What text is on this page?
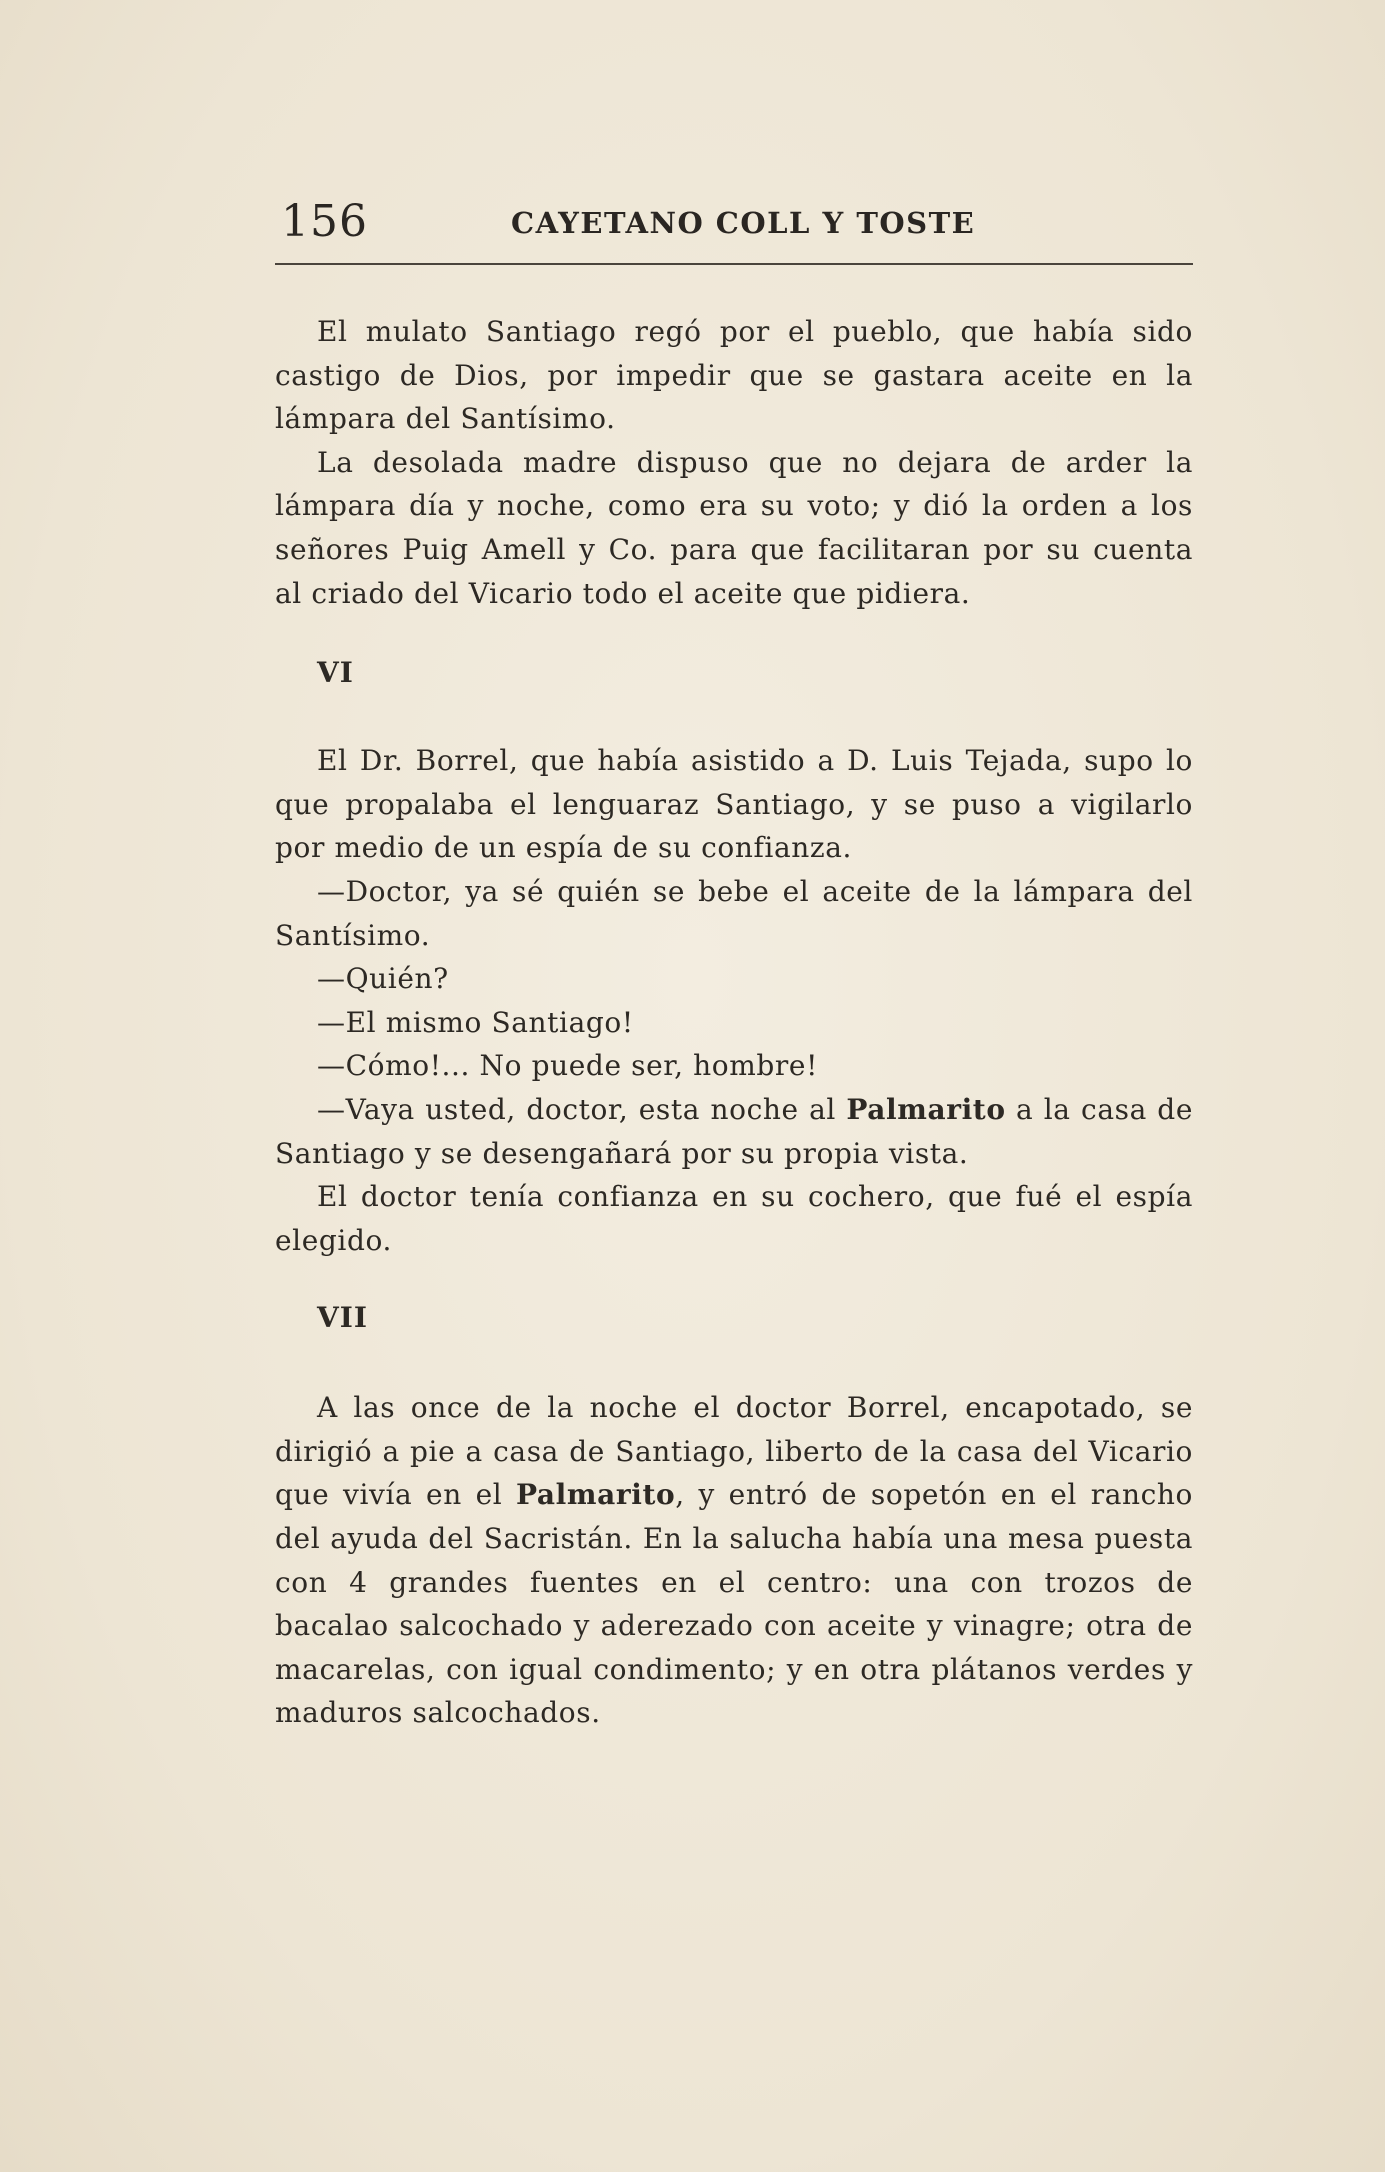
156	CAYETANO COLL Y TOSTE

El mulato Santiago regó por el pueblo, que había sido castigo de Dios, por impedir que se gastara aceite en la lámpara del Santísimo.

La desolada madre dispuso que no dejara de arder la lámpara día y noche, como era su voto; y dió la orden a los señores Puig Amell y Co. para que facilitaran por su cuenta al criado del Vicario todo el aceite que pidiera.

VI

El Dr. Borrel, que había asistido a D. Luis Tejada, supo lo que propalaba el lenguaraz Santiago, y se puso a vigilarlo por medio de un espía de su confianza.

—Doctor, ya sé quién se bebe el aceite de la lámpara del Santísimo.

—Quién?

—El mismo Santiago!

—Cómo!... No puede ser, hombre!

—Vaya usted, doctor, esta noche al Palmarito a la casa de Santiago y se desengañará por su propia vista.

El doctor tenía confianza en su cochero, que fué el espía elegido.

VII

A las once de la noche el doctor Borrel, encapotado, se dirigió a pie a casa de Santiago, liberto de la casa del Vicario que vivía en el Palmarito, y entró de sopetón en el rancho del ayuda del Sacristán. En la salucha había una mesa puesta con 4 grandes fuentes en el centro: una con trozos de bacalao salcochado y aderezado con aceite y vinagre; otra de macarelas, con igual condimento; y en otra plátanos verdes y maduros salcochados.
